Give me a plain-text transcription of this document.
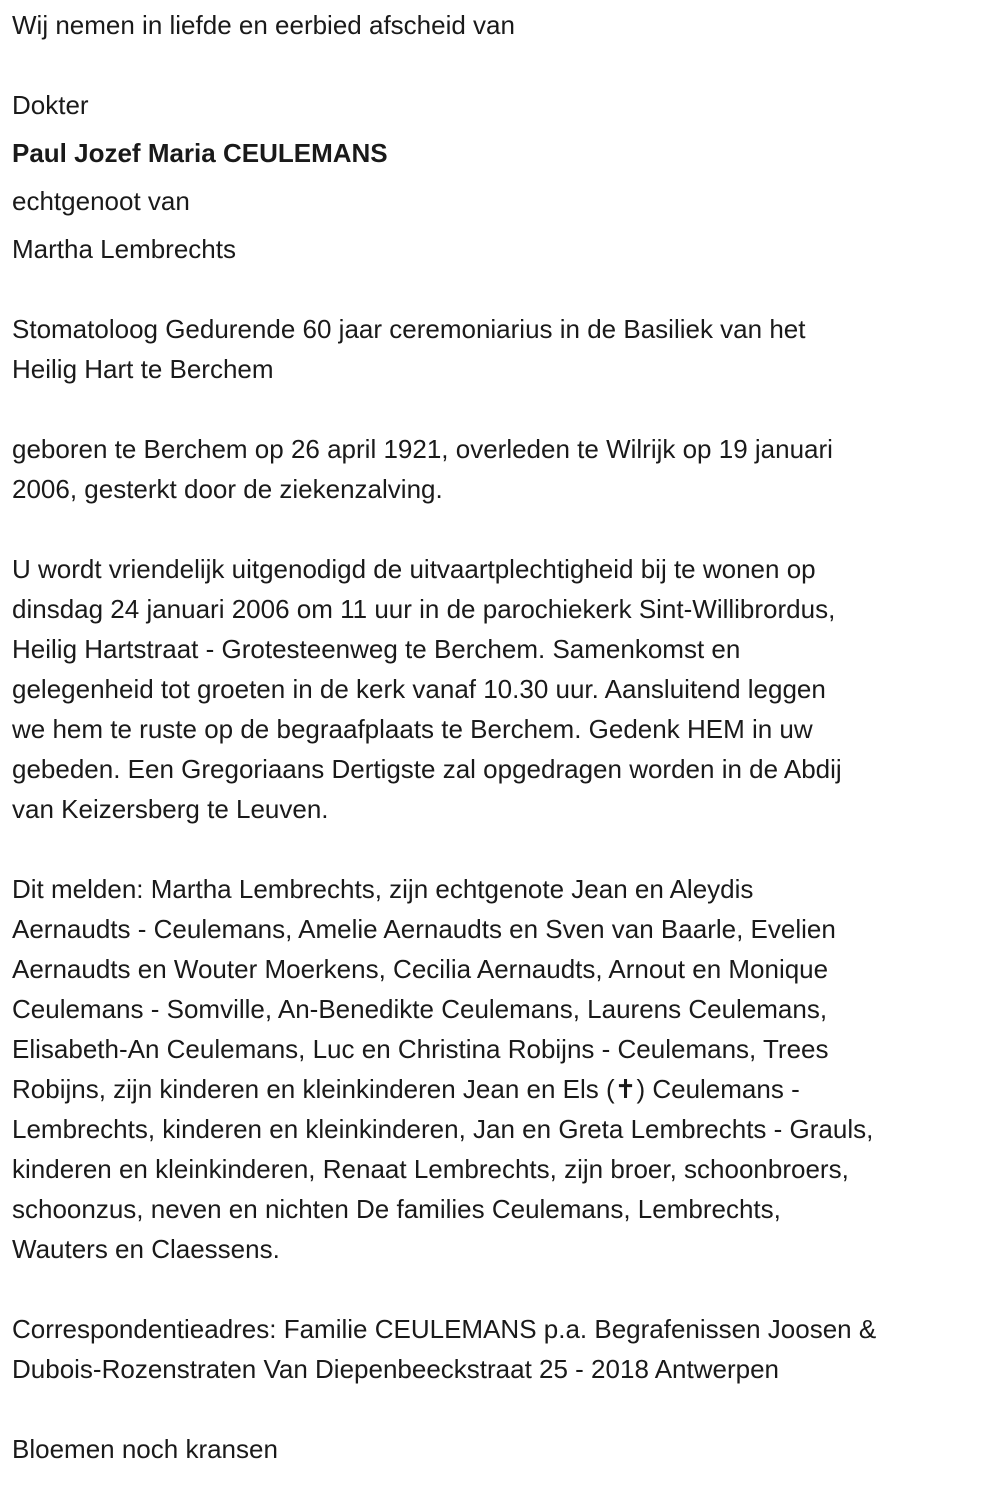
Wij nemen in liefde en eerbied afscheid van
Dokter
Paul Jozef Maria CEULEMANS
echtgenoot van
Martha Lembrechts
Stomatoloog Gedurende 60 jaar ceremoniarius in de Basiliek van het
Heilig Hart te Berchem
geboren te Berchem op 26 april 1921, overleden te Wilrijk op 19 januari
2006, gesterkt door de ziekenzalving.
U wordt vriendelijk uitgenodigd de uitvaartplechtigheid bij te wonen op
dinsdag 24 januari 2006 om 11 uur in de parochiekerk Sint-Willibrordus,
Heilig Hartstraat - Grotesteenweg te Berchem. Samenkomst en
gelegenheid tot groeten in de kerk vanaf 10.30 uur. Aansluitend leggen
we hem te ruste op de begraafplaats te Berchem. Gedenk HEM in uw
gebeden. Een Gregoriaans Dertigste zal opgedragen worden in de Abdij
van Keizersberg te Leuven.
Dit melden: Martha Lembrechts, zijn echtgenote Jean en Aleydis
Aernaudts - Ceulemans, Amelie Aernaudts en Sven van Baarle, Evelien
Aernaudts en Wouter Moerkens, Cecilia Aernaudts, Arnout en Monique
Ceulemans - Somville, An-Benedikte Ceulemans, Laurens Ceulemans,
Elisabeth-An Ceulemans, Luc en Christina Robijns - Ceulemans, Trees
Robijns, zijn kinderen en kleinkinderen Jean en Els (✝) Ceulemans -
Lembrechts, kinderen en kleinkinderen, Jan en Greta Lembrechts - Grauls,
kinderen en kleinkinderen, Renaat Lembrechts, zijn broer, schoonbroers,
schoonzus, neven en nichten De families Ceulemans, Lembrechts,
Wauters en Claessens.
Correspondentieadres: Familie CEULEMANS p.a. Begrafenissen Joosen &
Dubois-Rozenstraten Van Diepenbeeckstraat 25 - 2018 Antwerpen
Bloemen noch kransen
